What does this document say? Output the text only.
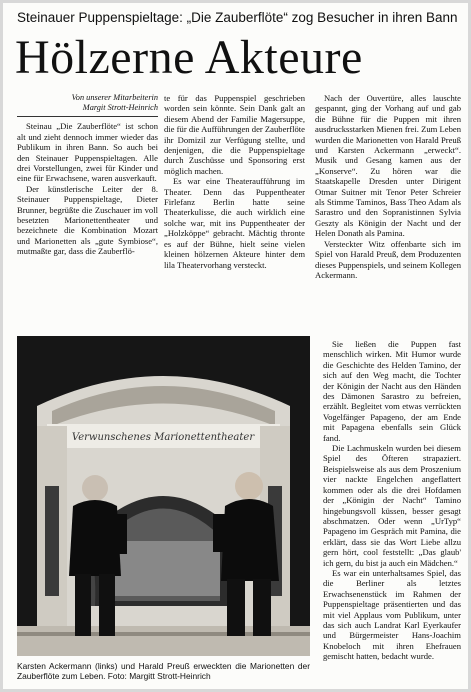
Steinauer Puppenspieltage: „Die Zauberflöte“ zog Besucher in ihren Bann
Hölzerne Akteure
Von unserer Mitarbeiterin
Margit Strott-Heinrich

Steinau „Die Zauberflöte“ ist schon alt und zieht dennoch immer wieder das Publikum in ihren Bann. So auch bei den Steinauer Puppenspieltagen. Alle drei Vorstellungen, zwei für Kinder und eine für Erwachsene, waren ausverkauft.

Der künstlerische Leiter der 8. Steinauer Puppenspieltage, Dieter Brunner, begrüßte die Zuschauer im voll besetzten Marionettentheater und bezeichnete die Kombination Mozart und Marionetten als „gute Symbiose“, mutmaßte gar, dass die Zauberflö-

te für das Puppenspiel geschrieben worden sein könnte. Sein Dank galt an diesem Abend der Familie Magersuppe, die für die Aufführungen der Zauberflöte ihr Domizil zur Verfügung stellte, und denjenigen, die die Puppenspieltage durch Zuschüsse und Sponsoring erst möglich machen.

Es war eine Theateraufführung im Theater. Denn das Puppentheater Firlefanz Berlin hatte seine Theaterkulisse, die auch wirklich eine solche war, mit ins Puppentheater der „Holzköppe“ gebracht. Mächtig thronte es auf der Bühne, hielt seine vielen kleinen hölzernen Akteure hinter dem lila Theatervorhang versteckt.

Nach der Ouvertüre, alles lauschte gespannt, ging der Vorhang auf und gab die Bühne für die Puppen mit ihren ausdrucksstarken Mienen frei. Zum Leben wurden die Marionetten von Harald Preuß und Karsten Ackermann „erweckt“. Musik und Gesang kamen aus der „Konserve“. Zu hören war die Staatskapelle Dresden unter Dirigent Otmar Suitner mit Tenor Peter Schreier als Stimme Taminos, Bass Theo Adam als Sarastro und den Sopranistinnen Sylvia Geszty als Königin der Nacht und der Helen Donath als Pamina.

Versteckter Witz offenbarte sich im Spiel von Harald Preuß, dem Produzenten dieses Puppenspiels, und seinem Kollegen Ackermann.

Sie ließen die Puppen fast menschlich wirken. Mit Humor wurde die Geschichte des Helden Tamino, der sich auf den Weg macht, die Tochter der Königin der Nacht aus den Händen des Dämonen Sarastro zu befreien, erzählt. Begleitet vom etwas verrückten Vogelfänger Papageno, der am Ende mit Papagena ebenfalls sein Glück fand.

Die Lachmuskeln wurden bei diesem Spiel des Öfteren strapaziert. Beispielsweise als aus dem Proszenium vier nackte Engelchen angeflattert kommen oder als die drei Hofdamen der „Königin der Nacht“ Tamino hingebungsvoll küssen, besser gesagt abschmatzen. Oder wenn „UrTyp“ Papageno im Gespräch mit Pamina, die erklärt, dass sie das Wort Liebe allzu gern hört, cool feststellt: „Das glaub' ich gern, du bist ja auch ein Mädchen.“

Es war ein unterhaltsames Spiel, das die Berliner als letztes Erwachsenenstück im Rahmen der Puppenspieltage präsentierten und das mit viel Applaus vom Publikum, unter das sich auch Landrat Karl Eyerkaufer und Bürgermeister Hans-Joachim Knobeloch mit ihren Ehefrauen gemischt hatten, bedacht wurde.

Verwunschenes Marionettentheater
Karsten Ackermann (links) und Harald Preuß erweckten die Marionetten der Zauberflöte zum Leben. Foto: Margitt Strott-Heinrich
